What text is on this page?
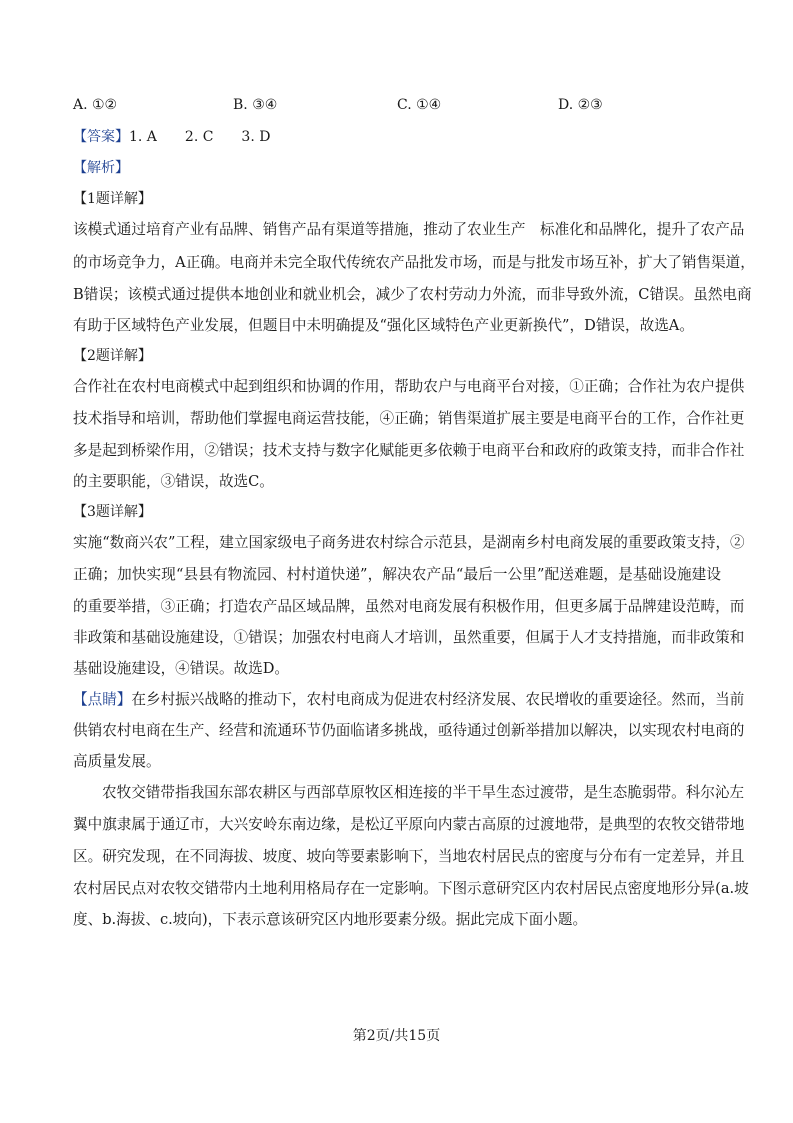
A. ①②	B. ③④	C. ①④	D. ②③
【答案】1. A　　2. C　　3. D
【解析】
【1题详解】
该模式通过培育产业有品牌、销售产品有渠道等措施，推动了农业生产　标准化和品牌化，提升了农产品
的市场竞争力，A正确。电商并未完全取代传统农产品批发市场，而是与批发市场互补，扩大了销售渠道，
B错误；该模式通过提供本地创业和就业机会，减少了农村劳动力外流，而非导致外流，C错误。虽然电商
有助于区域特色产业发展，但题目中未明确提及“强化区域特色产业更新换代”，D错误，故选A。
【2题详解】
合作社在农村电商模式中起到组织和协调的作用，帮助农户与电商平台对接，①正确；合作社为农户提供
技术指导和培训，帮助他们掌握电商运营技能，④正确；销售渠道扩展主要是电商平台的工作，合作社更
多是起到桥梁作用，②错误；技术支持与数字化赋能更多依赖于电商平台和政府的政策支持，而非合作社
的主要职能，③错误，故选C。
【3题详解】
实施“数商兴农”工程，建立国家级电子商务进农村综合示范县，是湖南乡村电商发展的重要政策支持，②
正确；加快实现“县县有物流园、村村道快递”，解决农产品“最后一公里”配送难题，是基础设施建设
的重要举措，③正确；打造农产品区域品牌，虽然对电商发展有积极作用，但更多属于品牌建设范畴，而
非政策和基础设施建设，①错误；加强农村电商人才培训，虽然重要，但属于人才支持措施，而非政策和
基础设施建设，④错误。故选D。
【点睛】在乡村振兴战略的推动下，农村电商成为促进农村经济发展、农民增收的重要途径。然而，当前
供销农村电商在生产、经营和流通环节仍面临诸多挑战，亟待通过创新举措加以解决，以实现农村电商的
高质量发展。
农牧交错带指我国东部农耕区与西部草原牧区相连接的半干旱生态过渡带，是生态脆弱带。科尔沁左
翼中旗隶属于通辽市，大兴安岭东南边缘，是松辽平原向内蒙古高原的过渡地带，是典型的农牧交错带地
区。研究发现，在不同海拔、坡度、坡向等要素影响下，当地农村居民点的密度与分布有一定差异，并且
农村居民点对农牧交错带内土地利用格局存在一定影响。下图示意研究区内农村居民点密度地形分异(a.坡
度、b.海拔、c.坡向)，下表示意该研究区内地形要素分级。据此完成下面小题。
第2页/共15页
